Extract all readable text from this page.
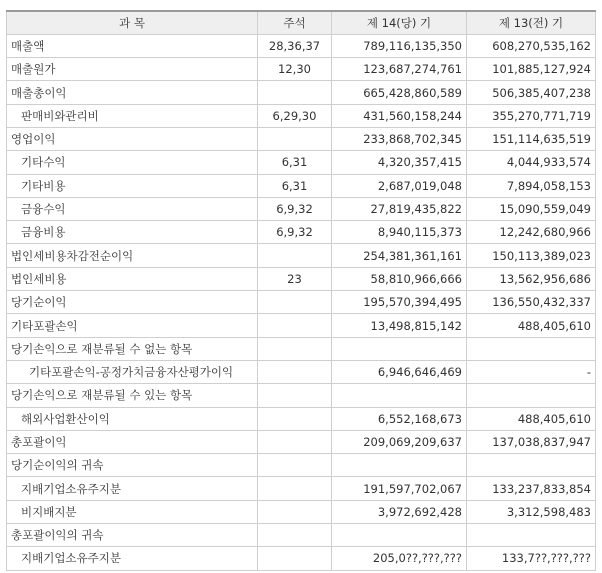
과 목	주석	제 14(당) 기	제 13(전) 기
매출액	28,36,37	789,116,135,350	608,270,535,162
매출원가	12,30	123,687,274,761	101,885,127,924
매출총이익		665,428,860,589	506,385,407,238
판매비와관리비	6,29,30	431,560,158,244	355,270,771,719
영업이익		233,868,702,345	151,114,635,519
기타수익	6,31	4,320,357,415	4,044,933,574
기타비용	6,31	2,687,019,048	7,894,058,153
금융수익	6,9,32	27,819,435,822	15,090,559,049
금융비용	6,9,32	8,940,115,373	12,242,680,966
법인세비용차감전순이익		254,381,361,161	150,113,389,023
법인세비용	23	58,810,966,666	13,562,956,686
당기순이익		195,570,394,495	136,550,432,337
기타포괄손익		13,498,815,142	488,405,610
당기손익으로 재분류될 수 없는 항목			
기타포괄손익-공정가치금융자산평가이익		6,946,646,469	-
당기손익으로 재분류될 수 있는 항목			
해외사업환산이익		6,552,168,673	488,405,610
총포괄이익		209,069,209,637	137,038,837,947
당기순이익의 귀속			
지배기업소유주지분		191,597,702,067	133,237,833,854
비지배지분		3,972,692,428	3,312,598,483
총포괄이익의 귀속			
지배기업소유주지분		205,0??,???,???	133,7??,???,???
